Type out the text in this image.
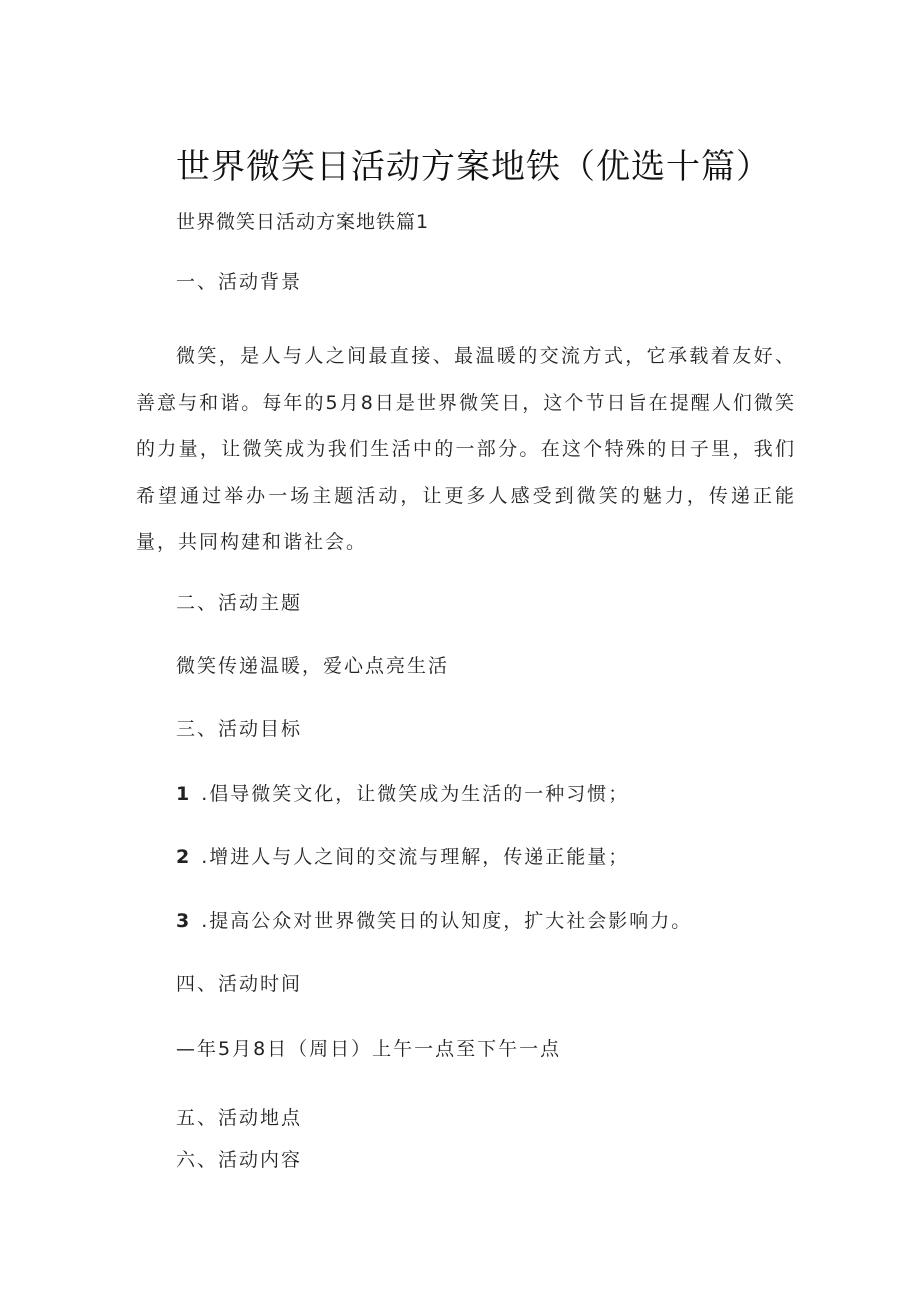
世界微笑日活动方案地铁（优选十篇）
世界微笑日活动方案地铁篇1
一、活动背景
微笑，是人与人之间最直接、最温暖的交流方式，它承载着友好、善意与和谐。每年的5月8日是世界微笑日，这个节日旨在提醒人们微笑的力量，让微笑成为我们生活中的一部分。在这个特殊的日子里，我们希望通过举办一场主题活动，让更多人感受到微笑的魅力，传递正能量，共同构建和谐社会。
二、活动主题
微笑传递温暖，爱心点亮生活
三、活动目标
1 .倡导微笑文化，让微笑成为生活的一种习惯；
2 .增进人与人之间的交流与理解，传递正能量；
3 .提高公众对世界微笑日的认知度，扩大社会影响力。
四、活动时间
—年5月8日（周日）上午一点至下午一点
五、活动地点
六、活动内容
